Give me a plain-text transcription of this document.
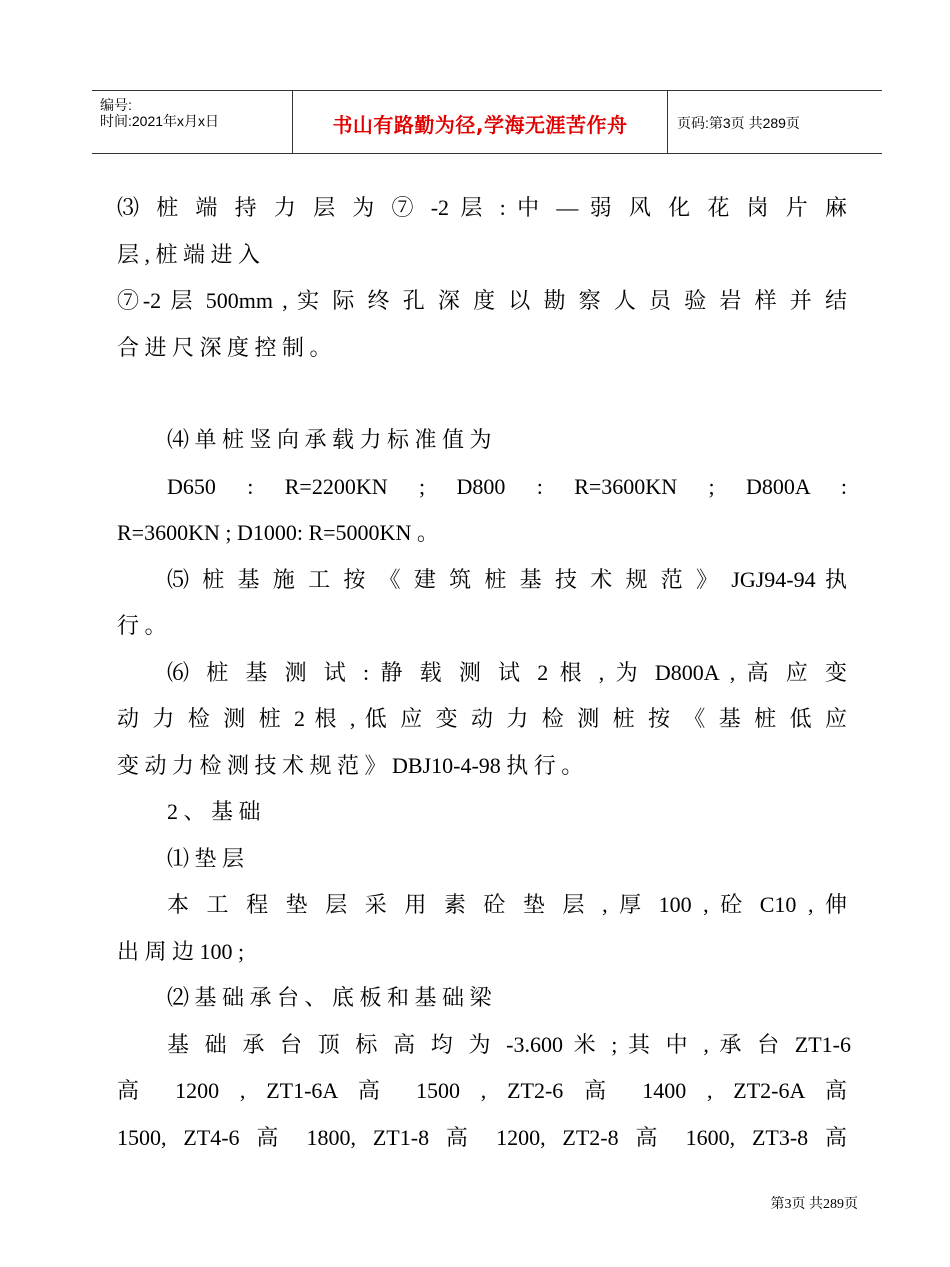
编号:
时间:2021年x月x日	书山有路勤为径,学海无涯苦作舟	页码:第3页 共289页
⑶ 桩 端 持 力 层 为 ⑦ -2 层 : 中 — 弱 风 化 花 岗 片 麻
层 , 桩 端 进 入
⑦-2 层 500mm , 实 际 终 孔 深 度 以 勘 察 人 员 验 岩 样 并 结
合 进 尺 深 度 控 制 。
⑷ 单 桩 竖 向 承 载 力 标 准 值 为
D650 : R=2200KN ; D800 : R=3600KN ; D800A :
R=3600KN ; D1000: R=5000KN 。
⑸ 桩 基 施 工 按 《 建 筑 桩 基 技 术 规 范 》 JGJ94-94 执
行 。
⑹ 桩 基 测 试 : 静 载 测 试 2 根 , 为 D800A , 高 应 变
动 力 检 测 桩 2 根 , 低 应 变 动 力 检 测 桩 按 《 基 桩 低 应
变 动 力 检 测 技 术 规 范 》 DBJ10-4-98 执 行 。
2 、 基 础
⑴ 垫 层
本 工 程 垫 层 采 用 素 砼 垫 层 , 厚 100 , 砼 C10 , 伸
出 周 边 100 ;
⑵ 基 础 承 台 、 底 板 和 基 础 梁
基 础 承 台 顶 标 高 均 为 -3.600 米 ; 其 中 , 承 台 ZT1-6
高 1200 , ZT1-6A 高 1500 , ZT2-6 高 1400 , ZT2-6A 高
1500, ZT4-6 高 1800, ZT1-8 高 1200, ZT2-8 高 1600, ZT3-8 高
第3页 共289页
